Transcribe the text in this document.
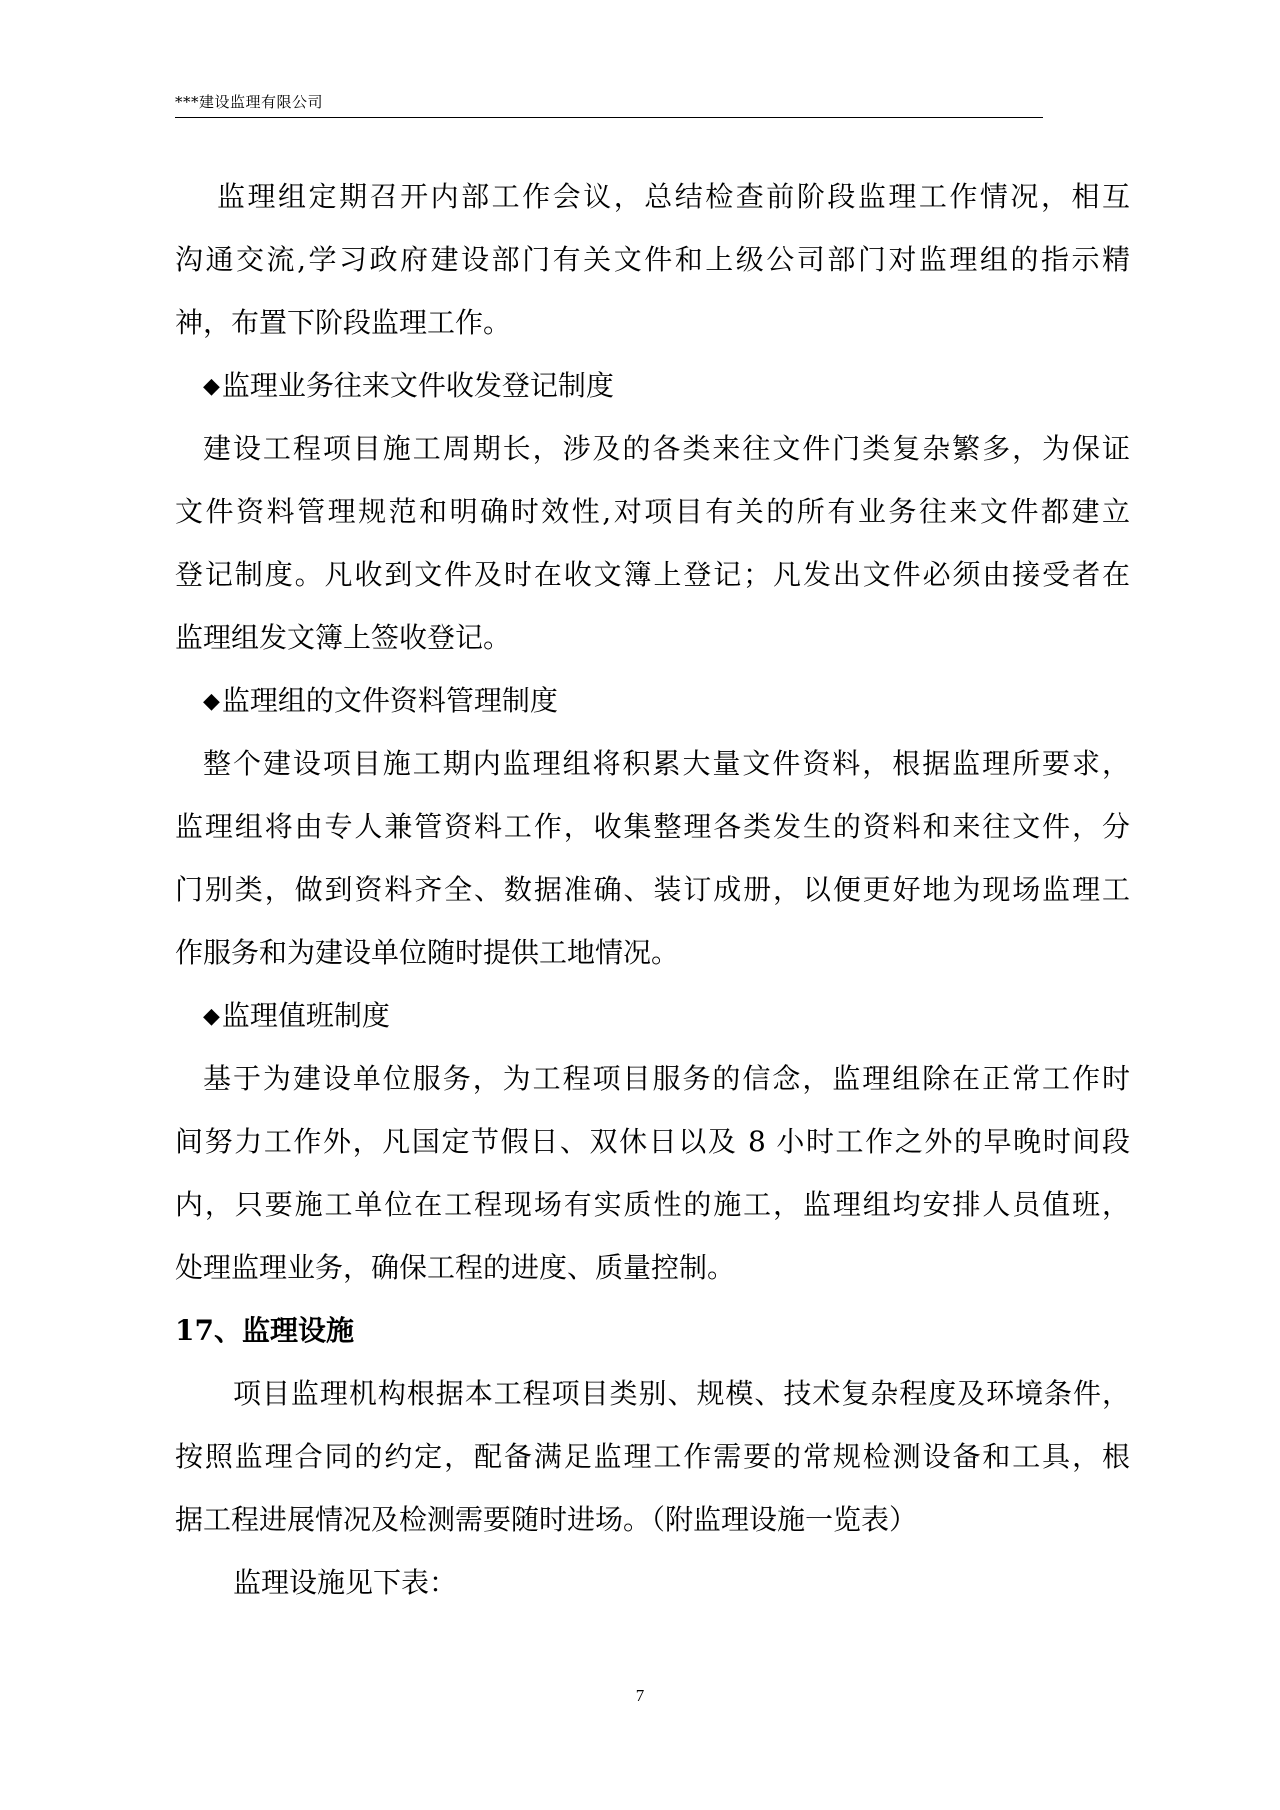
***建设监理有限公司
监理组定期召开内部工作会议，总结检查前阶段监理工作情况，相互
沟通交流,学习政府建设部门有关文件和上级公司部门对监理组的指示精
神，布置下阶段监理工作。
◆监理业务往来文件收发登记制度
建设工程项目施工周期长，涉及的各类来往文件门类复杂繁多，为保证
文件资料管理规范和明确时效性,对项目有关的所有业务往来文件都建立
登记制度。凡收到文件及时在收文簿上登记；凡发出文件必须由接受者在
监理组发文簿上签收登记。
◆监理组的文件资料管理制度
整个建设项目施工期内监理组将积累大量文件资料，根据监理所要求，
监理组将由专人兼管资料工作，收集整理各类发生的资料和来往文件，分
门别类，做到资料齐全、数据准确、装订成册，以便更好地为现场监理工
作服务和为建设单位随时提供工地情况。
◆监理值班制度
基于为建设单位服务，为工程项目服务的信念，监理组除在正常工作时
间努力工作外，凡国定节假日、双休日以及 8 小时工作之外的早晚时间段
内，只要施工单位在工程现场有实质性的施工，监理组均安排人员值班，
处理监理业务，确保工程的进度、质量控制。
17、监理设施
项目监理机构根据本工程项目类别、规模、技术复杂程度及环境条件，
按照监理合同的约定，配备满足监理工作需要的常规检测设备和工具，根
据工程进展情况及检测需要随时进场。（附监理设施一览表）
监理设施见下表：
7
